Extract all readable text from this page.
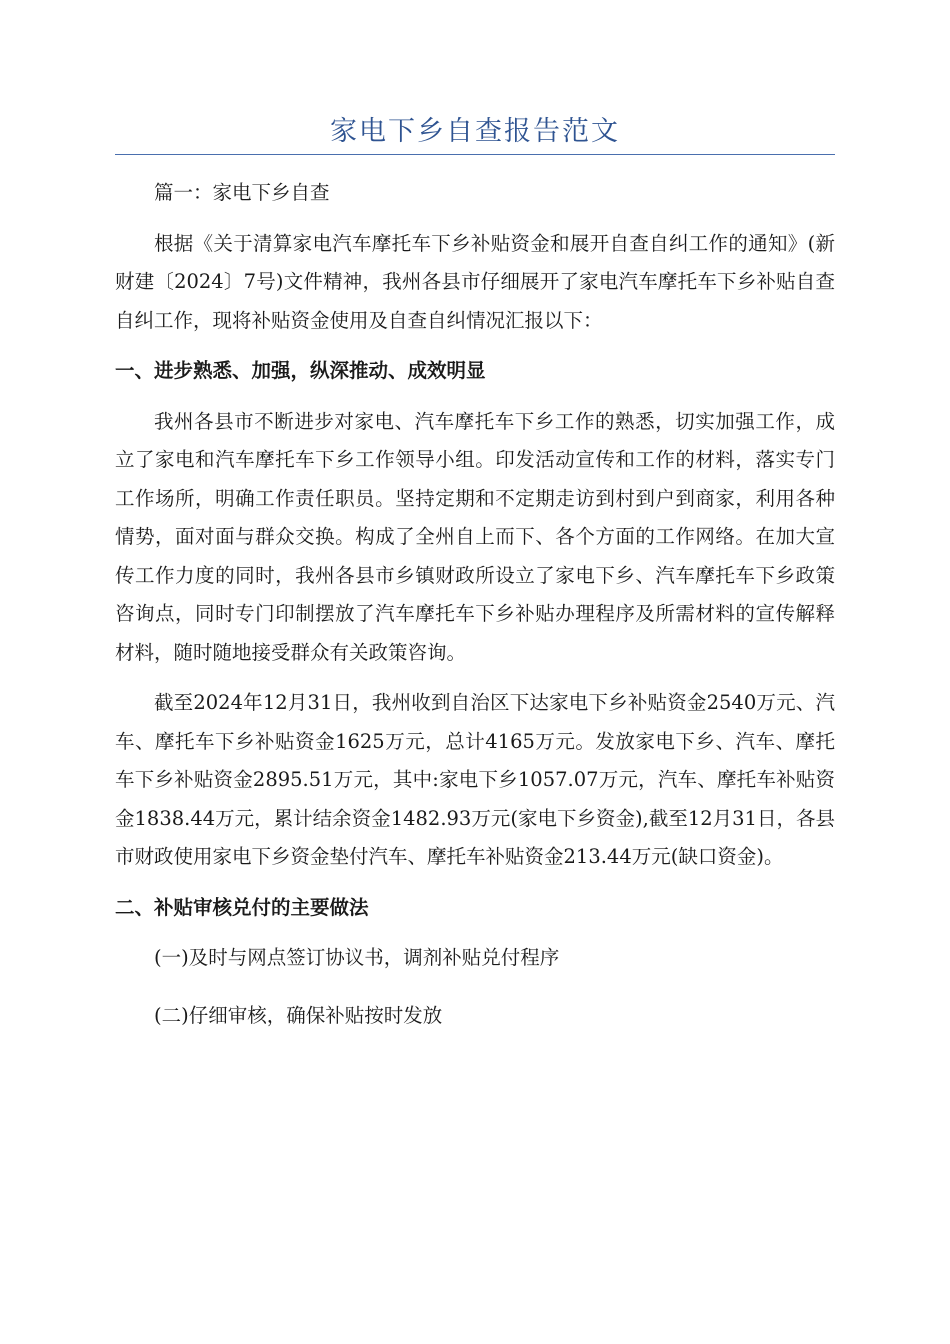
家电下乡自查报告范文

篇一：家电下乡自查

根据《关于清算家电汽车摩托车下乡补贴资金和展开自查自纠工作的通知》(新财建〔2024〕7号)文件精神，我州各县市仔细展开了家电汽车摩托车下乡补贴自查自纠工作，现将补贴资金使用及自查自纠情况汇报以下：

一、进步熟悉、加强，纵深推动、成效明显

我州各县市不断进步对家电、汽车摩托车下乡工作的熟悉，切实加强工作，成立了家电和汽车摩托车下乡工作领导小组。印发活动宣传和工作的材料，落实专门工作场所，明确工作责任职员。坚持定期和不定期走访到村到户到商家，利用各种情势，面对面与群众交换。构成了全州自上而下、各个方面的工作网络。在加大宣传工作力度的同时，我州各县市乡镇财政所设立了家电下乡、汽车摩托车下乡政策咨询点，同时专门印制摆放了汽车摩托车下乡补贴办理程序及所需材料的宣传解释材料，随时随地接受群众有关政策咨询。

截至2024年12月31日，我州收到自治区下达家电下乡补贴资金2540万元、汽车、摩托车下乡补贴资金1625万元，总计4165万元。发放家电下乡、汽车、摩托车下乡补贴资金2895.51万元，其中:家电下乡1057.07万元，汽车、摩托车补贴资金1838.44万元，累计结余资金1482.93万元(家电下乡资金),截至12月31日，各县市财政使用家电下乡资金垫付汽车、摩托车补贴资金213.44万元(缺口资金)。

二、补贴审核兑付的主要做法

(一)及时与网点签订协议书，调剂补贴兑付程序

(二)仔细审核，确保补贴按时发放
